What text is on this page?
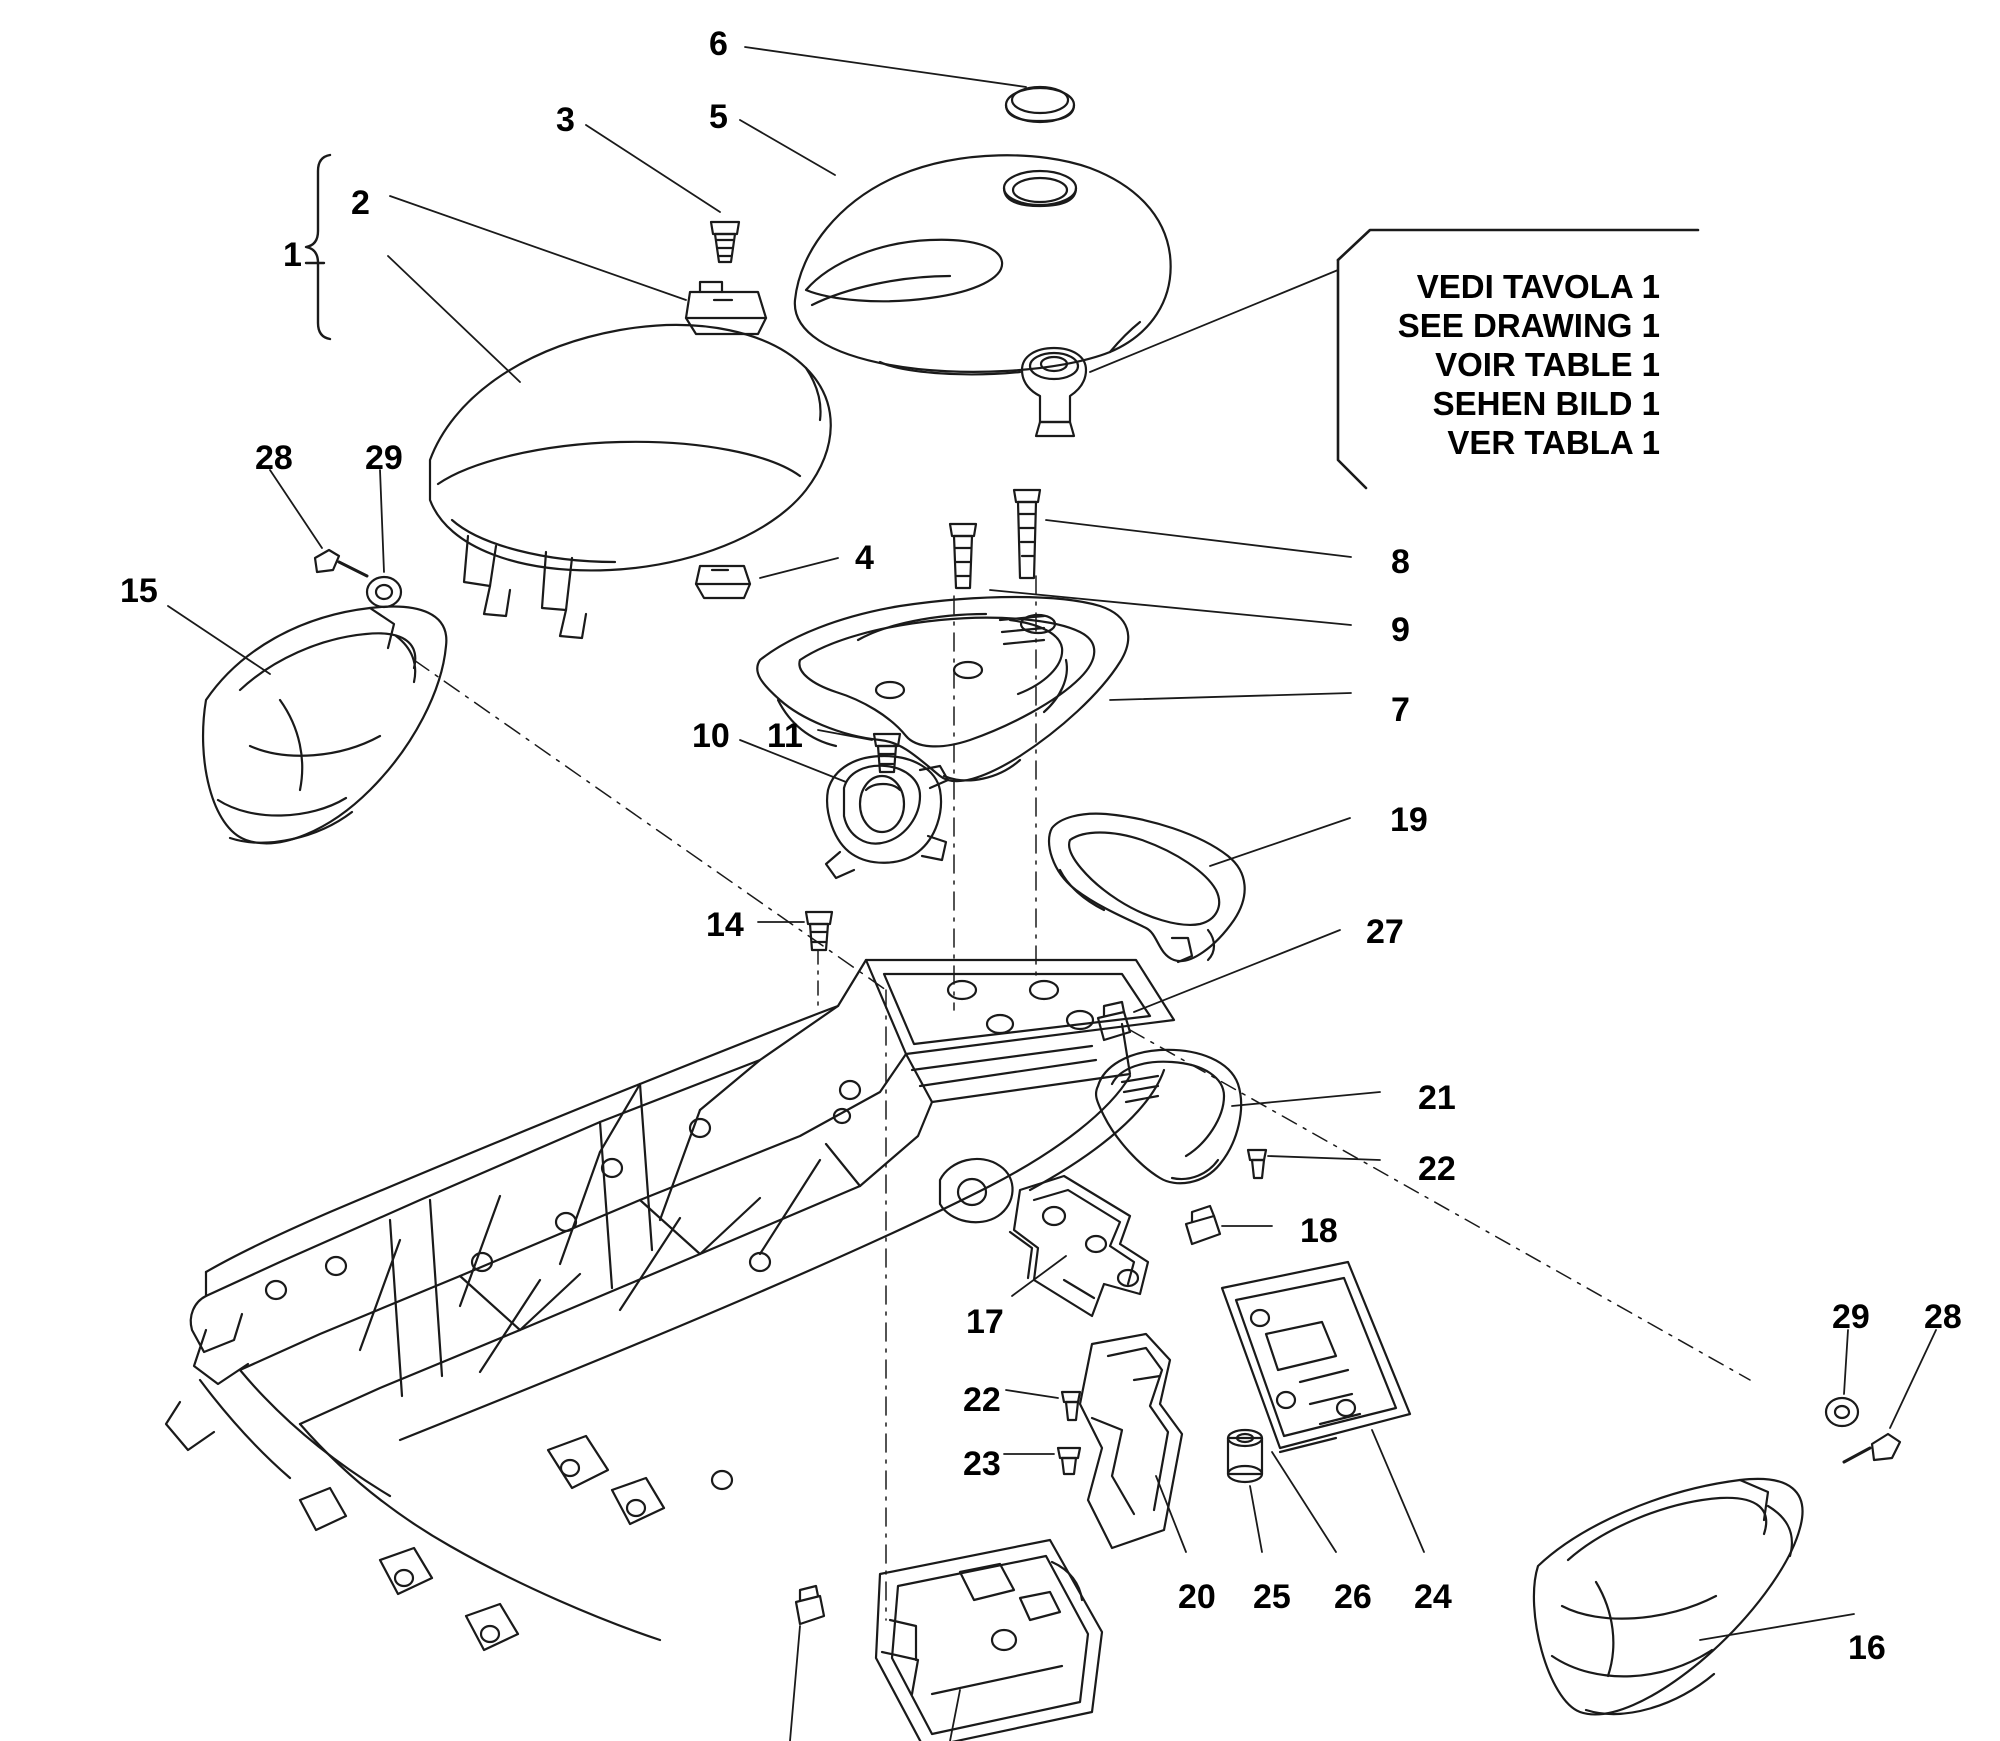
VEDI TAVOLA 1
SEE DRAWING 1
VOIR TABLE 1
SEHEN BILD 1
VER TABLA 1
1
2
3
4
5
6
7
8
9
10 11
14
15
16
17
18
19
20
21
22
22
23
24
25 26
27
28 29
28
29
